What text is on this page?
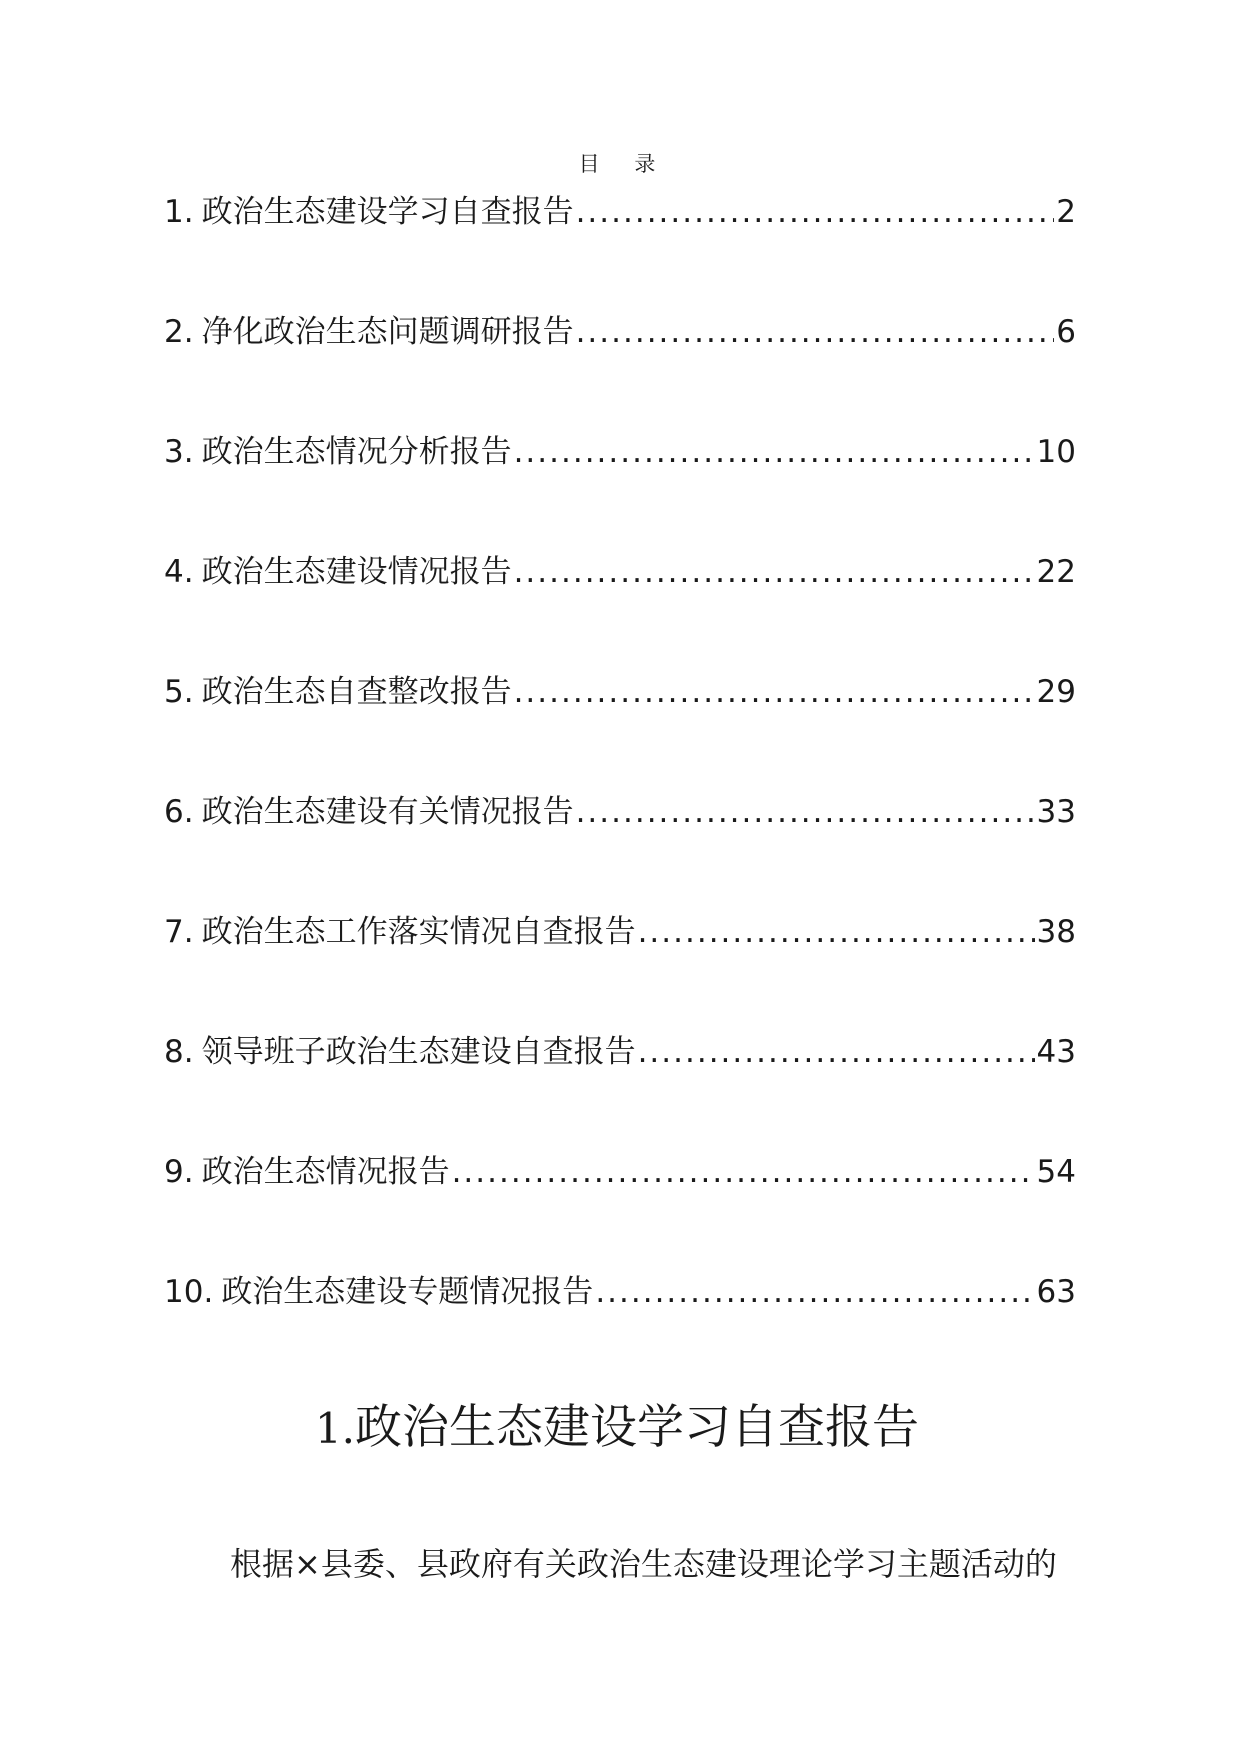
目 录
1. 政治生态建设学习自查报告 .....	2
2. 净化政治生态问题调研报告 .....	6
3. 政治生态情况分析报告 .....	10
4. 政治生态建设情况报告 .....	22
5. 政治生态自查整改报告 .....	29
6. 政治生态建设有关情况报告 .....	33
7. 政治生态工作落实情况自查报告 .....	38
8. 领导班子政治生态建设自查报告 .....	43
9. 政治生态情况报告 .....	54
10. 政治生态建设专题情况报告 .....	63
1.政治生态建设学习自查报告

根据×县委、县政府有关政治生态建设理论学习主题活动的
